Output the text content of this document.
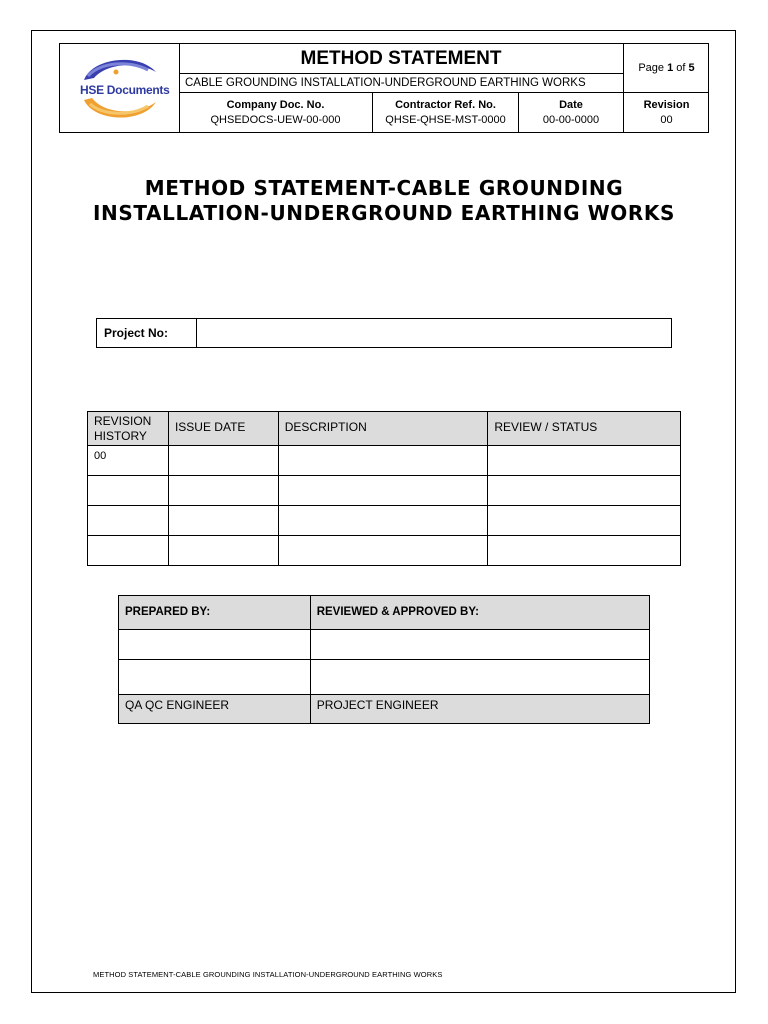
HSE Documents
METHOD STATEMENT
CABLE GROUNDING INSTALLATION-UNDERGROUND EARTHING WORKS
Page 1 of 5
Company Doc. No.
QHSEDOCS-UEW-00-000
Contractor Ref. No.
QHSE-QHSE-MST-0000
Date
00-00-0000
Revision
00
METHOD STATEMENT-CABLE GROUNDING INSTALLATION-UNDERGROUND EARTHING WORKS
Project No:
REVISION HISTORY	ISSUE DATE	DESCRIPTION	REVIEW / STATUS
00			

PREPARED BY:	REVIEWED & APPROVED BY:

QA QC ENGINEER	PROJECT ENGINEER
METHOD STATEMENT-CABLE GROUNDING INSTALLATION-UNDERGROUND EARTHING WORKS
